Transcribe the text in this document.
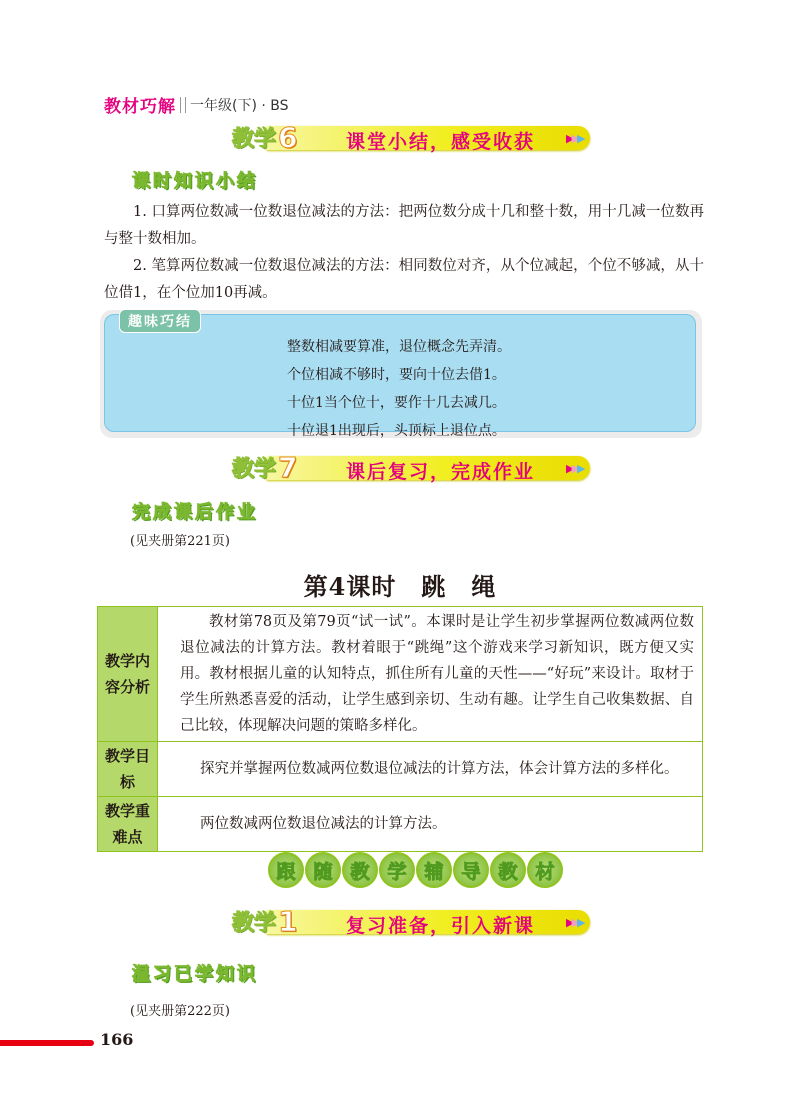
教材巧解 一年级(下) · BS
教学 6	课堂小结，感受收获	▶▶▶
课时知识小结

1. 口算两位数减一位数退位减法的方法：把两位数分成十几和整十数，用十几减一位数再与整十数相加。

2. 笔算两位数减一位数退位减法的方法：相同数位对齐，从个位减起，个位不够减，从十位借1，在个位加10再减。

趣味巧结
整数相减要算准，退位概念先弄清。
个位相减不够时，要向十位去借1。
十位1当个位十，要作十几去减几。
十位退1出现后，头顶标上退位点。
教学 7	课后复习，完成作业	▶▶▶
完成课后作业
(见夹册第221页)
第4课时　跳　绳
教学内容分析	教材第78页及第79页“试一试”。本课时是让学生初步掌握两位数减两位数退位减法的计算方法。教材着眼于“跳绳”这个游戏来学习新知识，既方便又实用。教材根据儿童的认知特点，抓住所有儿童的天性——“好玩”来设计。取材于学生所熟悉喜爱的活动，让学生感到亲切、生动有趣。让学生自己收集数据、自己比较，体现解决问题的策略多样化。

教学目标	探究并掌握两位数减两位数退位减法的计算方法，体会计算方法的多样化。
教学重难点	两位数减两位数退位减法的计算方法。
跟 随 教 学 辅 导 教 材
教学 1	复习准备，引入新课	▶▶▶
温习已学知识
(见夹册第222页)
166
